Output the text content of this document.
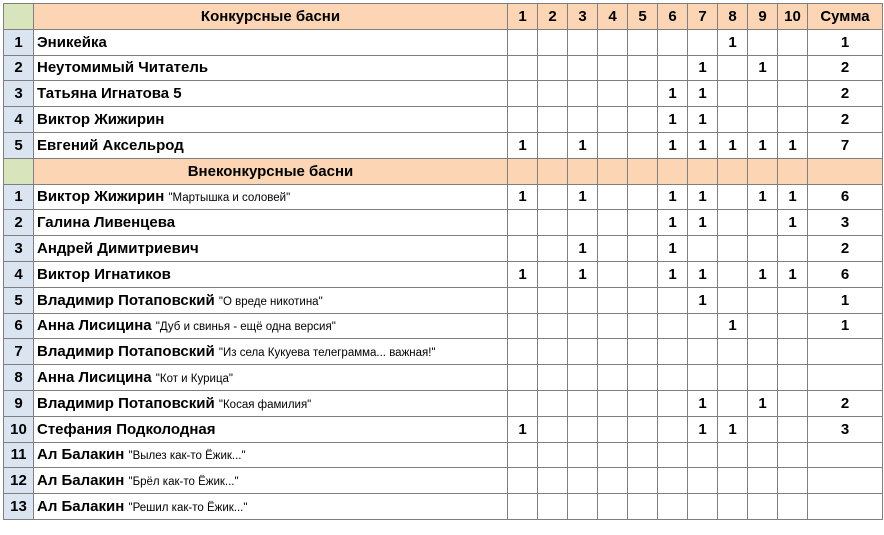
	Конкурсные басни	1	2	3	4	5	6	7	8	9	10	Сумма
1	Эникейка								1			1
2	Неутомимый Читатель							1		1		2
3	Татьяна Игнатова 5						1	1				2
4	Виктор Жижирин						1	1				2
5	Евгений Аксельрод	1		1			1	1	1	1	1	7
	Внеконкурсные басни											
1	Виктор Жижирин "Мартышка и соловей"	1		1			1	1		1	1	6
2	Галина Ливенцева						1	1			1	3
3	Андрей Димитриевич			1			1					2
4	Виктор Игнатиков	1		1			1	1		1	1	6
5	Владимир Потаповский "О вреде никотина"							1				1
6	Анна Лисицина "Дуб и свинья - ещё одна версия"								1			1
7	Владимир Потаповский "Из села Кукуева телеграмма... важная!"											
8	Анна Лисицина "Кот и Курица"											
9	Владимир Потаповский "Косая фамилия"							1		1		2
10	Стефания Подколодная	1						1	1			3
11	Ал Балакин "Вылез как-то Ёжик..."											
12	Ал Балакин "Брёл как-то Ёжик..."											
13	Ал Балакин "Решил как-то Ёжик..."											
